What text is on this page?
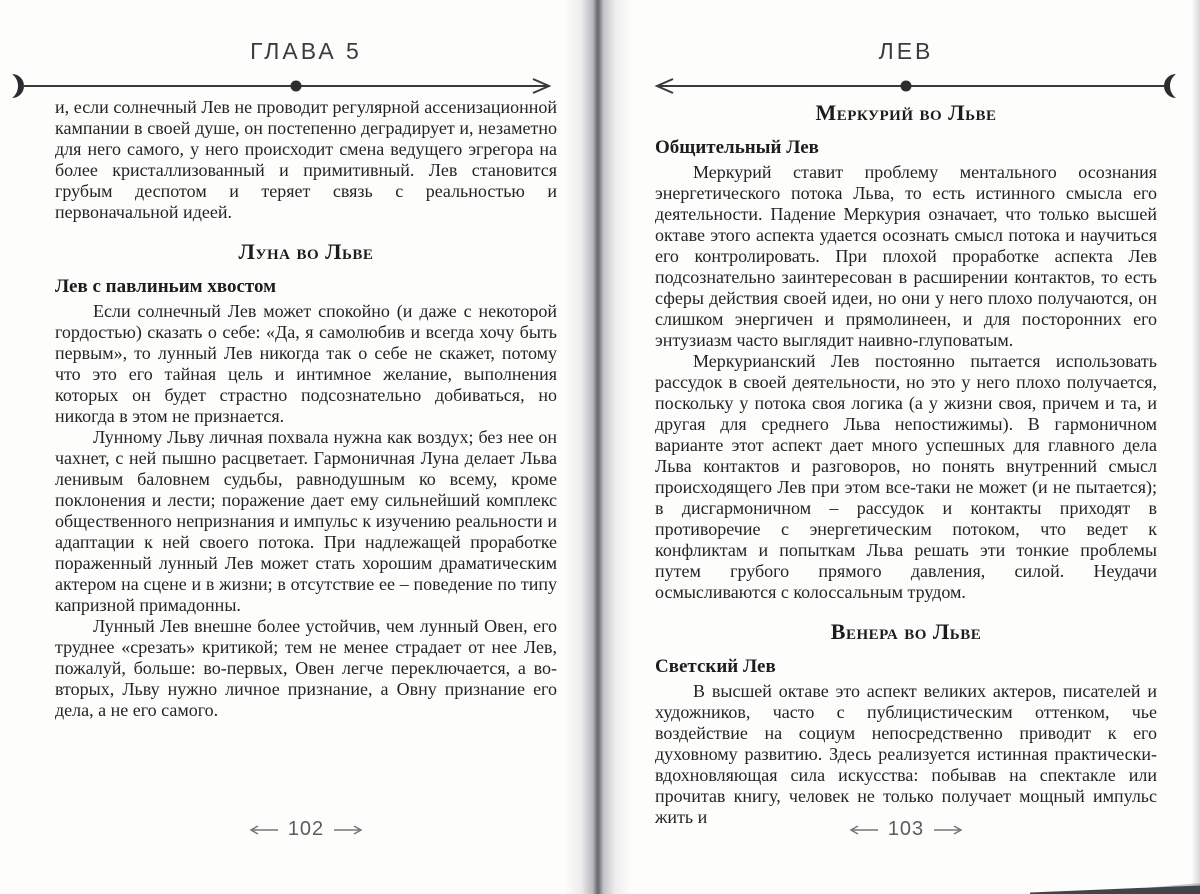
ГЛАВА 5

и, если солнечный Лев не проводит регулярной ассенизационной кампании в своей душе, он постепенно деградирует и, незаметно для него самого, у него происходит смена ведущего эгрегора на более кристаллизованный и примитивный. Лев становится грубым деспотом и теряет связь с реальностью и первоначальной идеей.

Луна во Льве
Лев с павлиньим хвостом

Если солнечный Лев может спокойно (и даже с некоторой гордостью) сказать о себе: «Да, я самолюбив и всегда хочу быть первым», то лунный Лев никогда так о себе не скажет, потому что это его тайная цель и интимное желание, выполнения которых он будет страстно подсознательно добиваться, но никогда в этом не признается.

Лунному Льву личная похвала нужна как воздух; без нее он чахнет, с ней пышно расцветает. Гармоничная Луна делает Льва ленивым баловнем судьбы, равнодушным ко всему, кроме поклонения и лести; поражение дает ему сильнейший комплекс общественного непризнания и импульс к изучению реальности и адаптации к ней своего потока. При надлежащей проработке пораженный лунный Лев может стать хорошим драматическим актером на сцене и в жизни; в отсутствие ее – поведение по типу капризной примадонны.

Лунный Лев внешне более устойчив, чем лунный Овен, его труднее «срезать» критикой; тем не менее страдает от нее Лев, пожалуй, больше: во-первых, Овен легче переключается, а во-вторых, Льву нужно личное признание, а Овну признание его дела, а не его самого.

102
ЛЕВ
Меркурий во Льве
Общительный Лев

Меркурий ставит проблему ментального осознания энергетического потока Льва, то есть истинного смысла его деятельности. Падение Меркурия означает, что только высшей октаве этого аспекта удается осознать смысл потока и научиться его контролировать. При плохой проработке аспекта Лев подсознательно заинтересован в расширении контактов, то есть сферы действия своей идеи, но они у него плохо получаются, он слишком энергичен и прямолинеен, и для посторонних его энтузиазм часто выглядит наивно-глуповатым.

Меркурианский Лев постоянно пытается использовать рассудок в своей деятельности, но это у него плохо получается, поскольку у потока своя логика (а у жизни своя, причем и та, и другая для среднего Льва непостижимы). В гармоничном варианте этот аспект дает много успешных для главного дела Льва контактов и разговоров, но понять внутренний смысл происходящего Лев при этом все-таки не может (и не пытается); в дисгармоничном – рассудок и контакты приходят в противоречие с энергетическим потоком, что ведет к конфликтам и попыткам Льва решать эти тонкие проблемы путем грубого прямого давления, силой. Неудачи осмысливаются с колоссальным трудом.

Венера во Льве
Светский Лев

В высшей октаве это аспект великих актеров, писателей и художников, часто с публицистическим оттенком, чье воздействие на социум непосредственно приводит к его духовному развитию. Здесь реализуется истинная практически-вдохновляющая сила искусства: побывав на спектакле или прочитав книгу, человек не только получает мощный импульс жить и

103
